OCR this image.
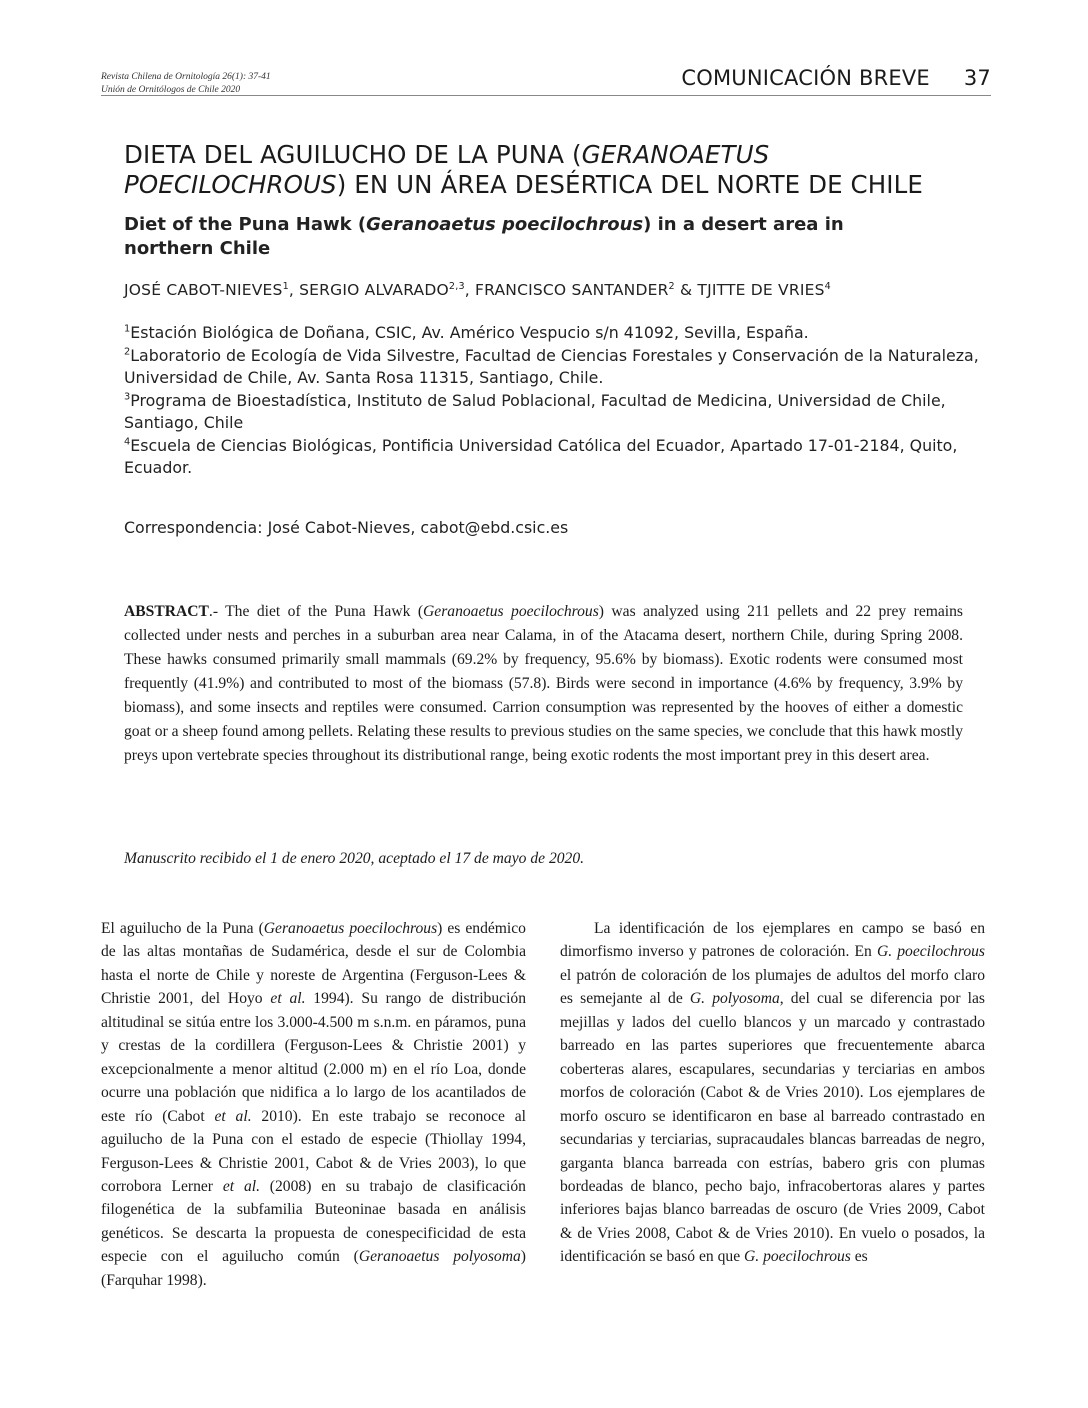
Revista Chilena de Ornitología 26(1): 37-41
Unión de Ornitólogos de Chile 2020	COMUNICACIÓN BREVE 37
DIETA DEL AGUILUCHO DE LA PUNA (GERANOAETUS POECILOCHROUS) EN UN ÁREA DESÉRTICA DEL NORTE DE CHILE
Diet of the Puna Hawk (Geranoaetus poecilochrous) in a desert area in northern Chile
JOSÉ CABOT-NIEVES$^1$, SERGIO ALVARADO$^{2,3}$, FRANCISCO SANTANDER$^2$ & TJITTE DE VRIES$^4$

$^1$Estación Biológica de Doñana, CSIC, Av. Américo Vespucio s/n 41092, Sevilla, España.

$^2$Laboratorio de Ecología de Vida Silvestre, Facultad de Ciencias Forestales y Conservación de la Naturaleza, Universidad de Chile, Av. Santa Rosa 11315, Santiago, Chile.

$^3$Programa de Bioestadística, Instituto de Salud Poblacional, Facultad de Medicina, Universidad de Chile, Santiago, Chile

$^4$Escuela de Ciencias Biológicas, Pontificia Universidad Católica del Ecuador, Apartado 17-01-2184, Quito, Ecuador.

Correspondencia: José Cabot-Nieves, cabot@ebd.csic.es
ABSTRACT.- The diet of the Puna Hawk (Geranoaetus poecilochrous) was analyzed using 211 pellets and 22 prey remains collected under nests and perches in a suburban area near Calama, in of the Atacama desert, northern Chile, during Spring 2008. These hawks consumed primarily small mammals (69.2% by frequency, 95.6% by biomass). Exotic rodents were consumed most frequently (41.9%) and contributed to most of the biomass (57.8). Birds were second in importance (4.6% by frequency, 3.9% by biomass), and some insects and reptiles were consumed. Carrion consumption was represented by the hooves of either a domestic goat or a sheep found among pellets. Relating these results to previous studies on the same species, we conclude that this hawk mostly preys upon vertebrate species throughout its distributional range, being exotic rodents the most important prey in this desert area.
Manuscrito recibido el 1 de enero 2020, aceptado el 17 de mayo de 2020.
El aguilucho de la Puna (Geranoaetus poecilochrous) es endémico de las altas montañas de Sudamérica, desde el sur de Colombia hasta el norte de Chile y noreste de Argentina (Ferguson-Lees & Christie 2001, del Hoyo et al. 1994). Su rango de distribución altitudinal se sitúa entre los 3.000-4.500 m s.n.m. en páramos, puna y crestas de la cordillera (Ferguson-Lees & Christie 2001) y excepcionalmente a menor altitud (2.000 m) en el río Loa, donde ocurre una población que nidifica a lo largo de los acantilados de este río (Cabot et al. 2010). En este trabajo se reconoce al aguilucho de la Puna con el estado de especie (Thiollay 1994, Ferguson-Lees & Christie 2001, Cabot & de Vries 2003), lo que corrobora Lerner et al. (2008) en su trabajo de clasificación filogenética de la subfamilia Buteoninae basada en análisis genéticos. Se descarta la propuesta de conespecificidad de esta especie con el aguilucho común (Geranoaetus polyosoma) (Farquhar 1998).
La identificación de los ejemplares en campo se basó en dimorfismo inverso y patrones de coloración. En G. poecilochrous el patrón de coloración de los plumajes de adultos del morfo claro es semejante al de G. polyosoma, del cual se diferencia por las mejillas y lados del cuello blancos y un marcado y contrastado barreado en las partes superiores que frecuentemente abarca coberteras alares, escapulares, secundarias y terciarias en ambos morfos de coloración (Cabot & de Vries 2010). Los ejemplares de morfo oscuro se identificaron en base al barreado contrastado en secundarias y terciarias, supracaudales blancas barreadas de negro, garganta blanca barreada con estrías, babero gris con plumas bordeadas de blanco, pecho bajo, infracobertoras alares y partes inferiores bajas blanco barreadas de oscuro (de Vries 2009, Cabot & de Vries 2008, Cabot & de Vries 2010). En vuelo o posados, la identificación se basó en que G. poecilochrous es
